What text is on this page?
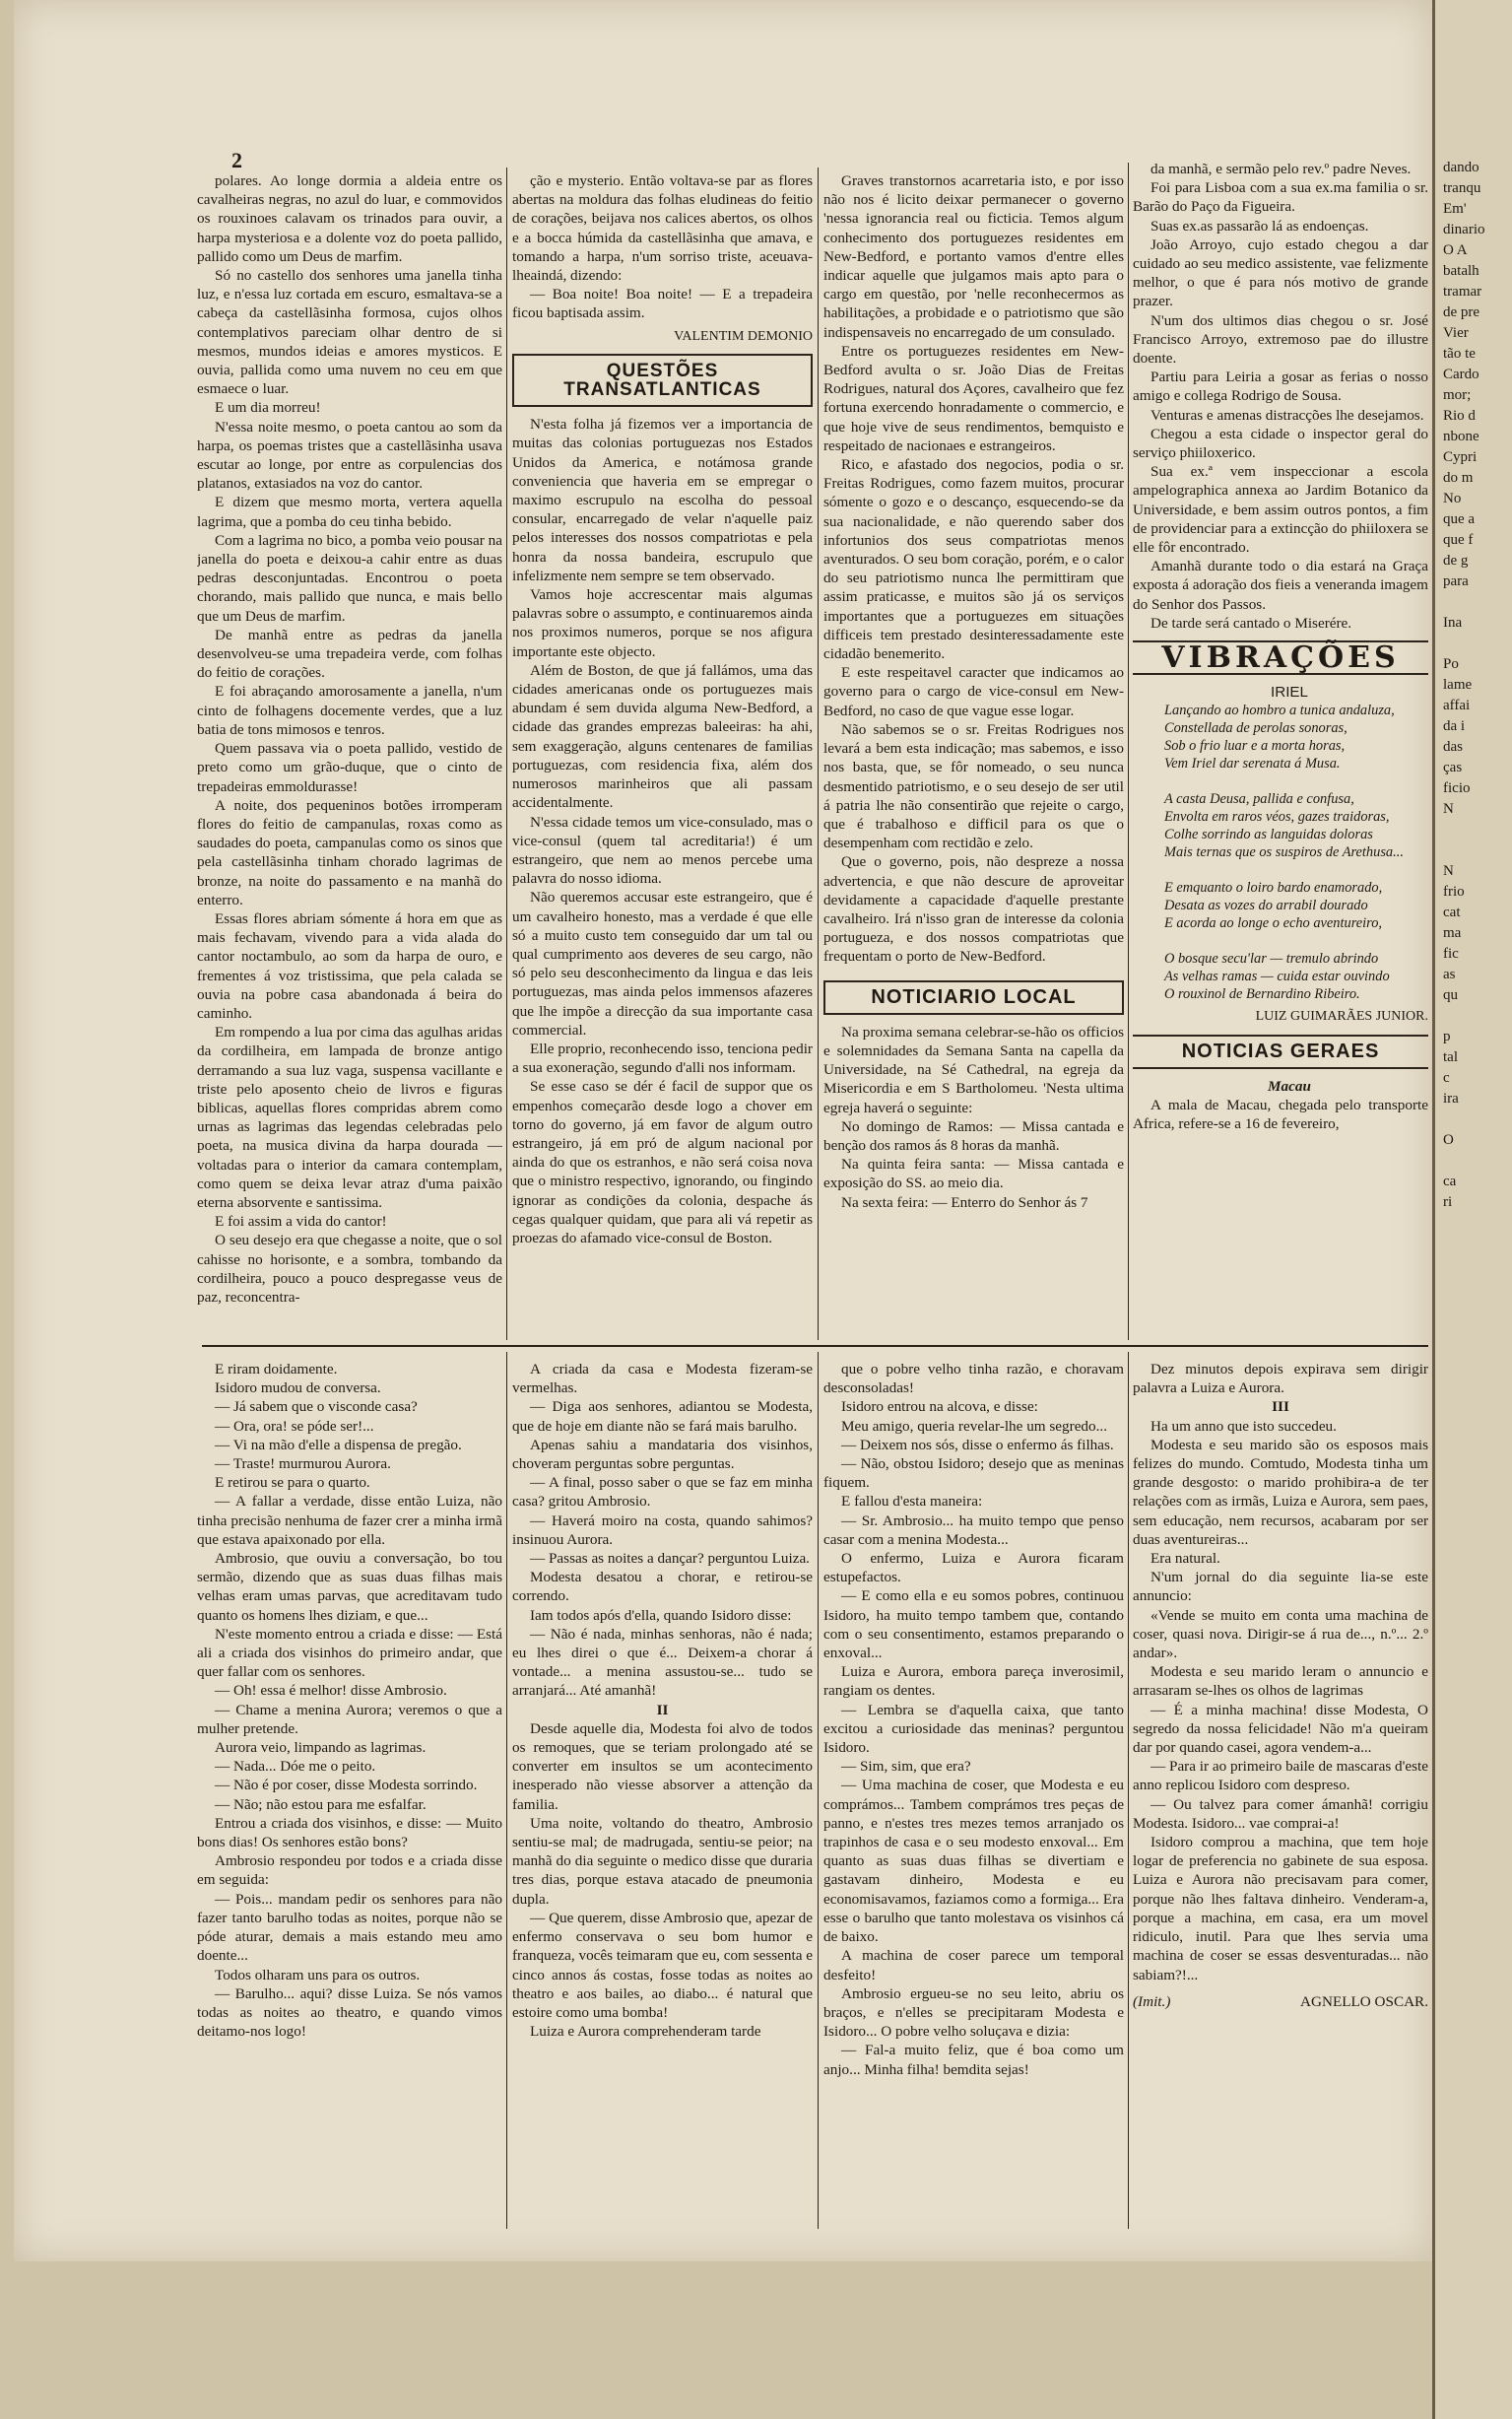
dando
tranqu
Em'
dinario
O A
batalh
tramar
de pre
Vier
tão te
Cardo
mor;
Rio d
nbone
Cypri
do m
No
que a
que f
de g
para

Ina

Po
lame
affai
da i
das
ças
ficio
N

N
frio
cat
ma
fic
as
qu

p
tal
c
ira

O

ca
ri
2

polares. Ao longe dormia a aldeia entre os cavalheiras negras, no azul do luar, e commovidos os rouxinoes calavam os trinados para ouvir, a harpa mysteriosa e a dolente voz do poeta pallido, pallido como um Deus de marfim.

Só no castello dos senhores uma janella tinha luz, e n'essa luz cortada em escuro, esmaltava-se a cabeça da castellãsinha formosa, cujos olhos contemplativos pareciam olhar dentro de si mesmos, mundos ideias e amores mysticos. E ouvia, pallida como uma nuvem no ceu em que esmaece o luar.

E um dia morreu!

N'essa noite mesmo, o poeta cantou ao som da harpa, os poemas tristes que a castellãsinha usava escutar ao longe, por entre as corpulencias dos platanos, extasiados na voz do cantor.

E dizem que mesmo morta, vertera aquella lagrima, que a pomba do ceu tinha bebido.

Com a lagrima no bico, a pomba veio pousar na janella do poeta e deixou-a cahir entre as duas pedras desconjuntadas. Encontrou o poeta chorando, mais pallido que nunca, e mais bello que um Deus de marfim.

De manhã entre as pedras da janella desenvolveu-se uma trepadeira verde, com folhas do feitio de corações.

E foi abraçando amorosamente a janella, n'um cinto de folhagens docemente verdes, que a luz batia de tons mimosos e tenros.

Quem passava via o poeta pallido, vestido de preto como um grão-duque, que o cinto de trepadeiras emmoldurasse!

A noite, dos pequeninos botões irromperam flores do feitio de campanulas, roxas como as saudades do poeta, campanulas como os sinos que pela castellãsinha tinham chorado lagrimas de bronze, na noite do passamento e na manhã do enterro.

Essas flores abriam sómente á hora em que as mais fechavam, vivendo para a vida alada do cantor noctambulo, ao som da harpa de ouro, e frementes á voz tristissima, que pela calada se ouvia na pobre casa abandonada á beira do caminho.

Em rompendo a lua por cima das agulhas aridas da cordilheira, em lampada de bronze antigo derramando a sua luz vaga, suspensa vacillante e triste pelo aposento cheio de livros e figuras biblicas, aquellas flores compridas abrem como urnas as lagrimas das legendas celebradas pelo poeta, na musica divina da harpa dourada — voltadas para o interior da camara contemplam, como quem se deixa levar atraz d'uma paixão eterna absorvente e santissima.

E foi assim a vida do cantor!

O seu desejo era que chegasse a noite, que o sol cahisse no horisonte, e a sombra, tombando da cordilheira, pouco a pouco despregasse veus de paz, reconcentra-

ção e mysterio. Então voltava-se par as flores abertas na moldura das folhas eludineas do feitio de corações, beijava nos calices abertos, os olhos e a bocca húmida da castellãsinha que amava, e tomando a harpa, n'um sorriso triste, aceuava-lheaindá, dizendo:

— Boa noite! Boa noite! — E a trepadeira ficou baptisada assim.

VALENTIM DEMONIO

QUESTÕES TRANSATLANTICAS

N'esta folha já fizemos ver a importancia de muitas das colonias portuguezas nos Estados Unidos da America, e notámosa grande conveniencia que haveria em se empregar o maximo escrupulo na escolha do pessoal consular, encarregado de velar n'aquelle paiz pelos interesses dos nossos compatriotas e pela honra da nossa bandeira, escrupulo que infelizmente nem sempre se tem observado.

Vamos hoje accrescentar mais algumas palavras sobre o assumpto, e continuaremos ainda nos proximos numeros, porque se nos afigura importante este objecto.

Além de Boston, de que já fallámos, uma das cidades americanas onde os portuguezes mais abundam é sem duvida alguma New-Bedford, a cidade das grandes emprezas baleeiras: ha ahi, sem exaggeração, alguns centenares de familias portuguezas, com residencia fixa, além dos numerosos marinheiros que ali passam accidentalmente.

N'essa cidade temos um vice-consulado, mas o vice-consul (quem tal acreditaria!) é um estrangeiro, que nem ao menos percebe uma palavra do nosso idioma.

Não queremos accusar este estrangeiro, que é um cavalheiro honesto, mas a verdade é que elle só a muito custo tem conseguido dar um tal ou qual cumprimento aos deveres de seu cargo, não só pelo seu desconhecimento da lingua e das leis portuguezas, mas ainda pelos immensos afazeres que lhe impõe a direcção da sua importante casa commercial.

Elle proprio, reconhecendo isso, tenciona pedir a sua exoneração, segundo d'alli nos informam.

Se esse caso se dér é facil de suppor que os empenhos começarão desde logo a chover em torno do governo, já em favor de algum outro estrangeiro, já em pró de algum nacional por ainda do que os estranhos, e não será coisa nova que o ministro respectivo, ignorando, ou fingindo ignorar as condições da colonia, despache ás cegas qualquer quidam, que para ali vá repetir as proezas do afamado vice-consul de Boston.

Graves transtornos acarretaria isto, e por isso não nos é licito deixar permanecer o governo 'nessa ignorancia real ou ficticia. Temos algum conhecimento dos portuguezes residentes em New-Bedford, e portanto vamos d'entre elles indicar aquelle que julgamos mais apto para o cargo em questão, por 'nelle reconhecermos as habilitações, a probidade e o patriotismo que são indispensaveis no encarregado de um consulado.

Entre os portuguezes residentes em New-Bedford avulta o sr. João Dias de Freitas Rodrigues, natural dos Açores, cavalheiro que fez fortuna exercendo honradamente o commercio, e que hoje vive de seus rendimentos, bemquisto e respeitado de nacionaes e estrangeiros.

Rico, e afastado dos negocios, podia o sr. Freitas Rodrigues, como fazem muitos, procurar sómente o gozo e o descanço, esquecendo-se da sua nacionalidade, e não querendo saber dos infortunios dos seus compatriotas menos aventurados. O seu bom coração, porém, e o calor do seu patriotismo nunca lhe permittiram que assim praticasse, e muitos são já os serviços importantes que a portuguezes em situações difficeis tem prestado desinteressadamente este cidadão benemerito.

E este respeitavel caracter que indicamos ao governo para o cargo de vice-consul em New-Bedford, no caso de que vague esse logar.

Não sabemos se o sr. Freitas Rodrigues nos levará a bem esta indicação; mas sabemos, e isso nos basta, que, se fôr nomeado, o seu nunca desmentido patriotismo, e o seu desejo de ser util á patria lhe não consentirão que rejeite o cargo, que é trabalhoso e difficil para os que o desempenham com rectidão e zelo.

Que o governo, pois, não despreze a nossa advertencia, e que não descure de aproveitar devidamente a capacidade d'aquelle prestante cavalheiro. Irá n'isso gran de interesse da colonia portugueza, e dos nossos compatriotas que frequentam o porto de New-Bedford.

NOTICIARIO LOCAL

Na proxima semana celebrar-se-hão os officios e solemnidades da Semana Santa na capella da Universidade, na Sé Cathedral, na egreja da Misericordia e em S Bartholomeu. 'Nesta ultima egreja haverá o seguinte:

No domingo de Ramos: — Missa cantada e benção dos ramos ás 8 horas da manhã.

Na quinta feira santa: — Missa cantada e exposição do SS. ao meio dia.

Na sexta feira: — Enterro do Senhor ás 7

da manhã, e sermão pelo rev.º padre Neves.

Foi para Lisboa com a sua ex.ma familia o sr. Barão do Paço da Figueira.

Suas ex.as passarão lá as endoenças.

João Arroyo, cujo estado chegou a dar cuidado ao seu medico assistente, vae felizmente melhor, o que é para nós motivo de grande prazer.

N'um dos ultimos dias chegou o sr. José Francisco Arroyo, extremoso pae do illustre doente.

Partiu para Leiria a gosar as ferias o nosso amigo e collega Rodrigo de Sousa.

Venturas e amenas distracções lhe desejamos.

Chegou a esta cidade o inspector geral do serviço phiiloxerico.

Sua ex.ª vem inspeccionar a escola ampelographica annexa ao Jardim Botanico da Universidade, e bem assim outros pontos, a fim de providenciar para a extincção do phiiloxera se elle fôr encontrado.

Amanhã durante todo o dia estará na Graça exposta á adoração dos fieis a veneranda imagem do Senhor dos Passos.

De tarde será cantado o Miserére.

VIBRAÇÕES

IRIEL

Lançando ao hombro a tunica andaluza,

Constellada de perolas sonoras,

Sob o frio luar e a morta horas,

Vem Iriel dar serenata á Musa.

A casta Deusa, pallida e confusa,

Envolta em raros véos, gazes traidoras,

Colhe sorrindo as languidas doloras

Mais ternas que os suspiros de Arethusa...

E emquanto o loiro bardo enamorado,

Desata as vozes do arrabil dourado

E acorda ao longe o echo aventureiro,

O bosque secu'lar — tremulo abrindo

As velhas ramas — cuida estar ouvindo

O rouxinol de Bernardino Ribeiro.

LUIZ GUIMARÃES JUNIOR.

NOTICIAS GERAES

Macau

A mala de Macau, chegada pelo transporte Africa, refere-se a 16 de fevereiro,

E riram doidamente.

Isidoro mudou de conversa.

— Já sabem que o visconde casa?

— Ora, ora! se póde ser!...

— Vi na mão d'elle a dispensa de pregão.

— Traste! murmurou Aurora.

E retirou se para o quarto.

— A fallar a verdade, disse então Luiza, não tinha precisão nenhuma de fazer crer a minha irmã que estava apaixonado por ella.

Ambrosio, que ouviu a conversação, bo tou sermão, dizendo que as suas duas filhas mais velhas eram umas parvas, que acreditavam tudo quanto os homens lhes diziam, e que...

N'este momento entrou a criada e disse: — Está ali a criada dos visinhos do primeiro andar, que quer fallar com os senhores.

— Oh! essa é melhor! disse Ambrosio.

— Chame a menina Aurora; veremos o que a mulher pretende.

Aurora veio, limpando as lagrimas.

— Nada... Dóe me o peito.

— Não é por coser, disse Modesta sorrindo.

— Não; não estou para me esfalfar.

Entrou a criada dos visinhos, e disse: — Muito bons dias! Os senhores estão bons?

Ambrosio respondeu por todos e a criada disse em seguida:

— Pois... mandam pedir os senhores para não fazer tanto barulho todas as noites, porque não se póde aturar, demais a mais estando meu amo doente...

Todos olharam uns para os outros.

— Barulho... aqui? disse Luiza. Se nós vamos todas as noites ao theatro, e quando vimos deitamo-nos logo!

A criada da casa e Modesta fizeram-se vermelhas.

— Diga aos senhores, adiantou se Modesta, que de hoje em diante não se fará mais barulho.

Apenas sahiu a mandataria dos visinhos, choveram perguntas sobre perguntas.

— A final, posso saber o que se faz em minha casa? gritou Ambrosio.

— Haverá moiro na costa, quando sahimos? insinuou Aurora.

— Passas as noites a dançar? perguntou Luiza.

Modesta desatou a chorar, e retirou-se correndo.

Iam todos após d'ella, quando Isidoro disse:

— Não é nada, minhas senhoras, não é nada; eu lhes direi o que é... Deixem-a chorar á vontade... a menina assustou-se... tudo se arranjará... Até amanhã!

II

Desde aquelle dia, Modesta foi alvo de todos os remoques, que se teriam prolongado até se converter em insultos se um acontecimento inesperado não viesse absorver a attenção da familia.

Uma noite, voltando do theatro, Ambrosio sentiu-se mal; de madrugada, sentiu-se peior; na manhã do dia seguinte o medico disse que duraria tres dias, porque estava atacado de pneumonia dupla.

— Que querem, disse Ambrosio que, apezar de enfermo conservava o seu bom humor e franqueza, vocês teimaram que eu, com sessenta e cinco annos ás costas, fosse todas as noites ao theatro e aos bailes, ao diabo... é natural que estoire como uma bomba!

Luiza e Aurora comprehenderam tarde

que o pobre velho tinha razão, e choravam desconsoladas!

Isidoro entrou na alcova, e disse:

Meu amigo, queria revelar-lhe um segredo...

— Deixem nos sós, disse o enfermo ás filhas.

— Não, obstou Isidoro; desejo que as meninas fiquem.

E fallou d'esta maneira:

— Sr. Ambrosio... ha muito tempo que penso casar com a menina Modesta...

O enfermo, Luiza e Aurora ficaram estupefactos.

— E como ella e eu somos pobres, continuou Isidoro, ha muito tempo tambem que, contando com o seu consentimento, estamos preparando o enxoval...

Luiza e Aurora, embora pareça inverosimil, rangiam os dentes.

— Lembra se d'aquella caixa, que tanto excitou a curiosidade das meninas? perguntou Isidoro.

— Sim, sim, que era?

— Uma machina de coser, que Modesta e eu comprámos... Tambem comprámos tres peças de panno, e n'estes tres mezes temos arranjado os trapinhos de casa e o seu modesto enxoval... Em quanto as suas duas filhas se divertiam e gastavam dinheiro, Modesta e eu economisavamos, faziamos como a formiga... Era esse o barulho que tanto molestava os visinhos cá de baixo.

A machina de coser parece um temporal desfeito!

Ambrosio ergueu-se no seu leito, abriu os braços, e n'elles se precipitaram Modesta e Isidoro... O pobre velho soluçava e dizia:

— Fal-a muito feliz, que é boa como um anjo... Minha filha! bemdita sejas!

Dez minutos depois expirava sem dirigir palavra a Luiza e Aurora.

III

Ha um anno que isto succedeu.

Modesta e seu marido são os esposos mais felizes do mundo. Comtudo, Modesta tinha um grande desgosto: o marido prohibira-a de ter relações com as irmãs, Luiza e Aurora, sem paes, sem educação, nem recursos, acabaram por ser duas aventureiras...

Era natural.

N'um jornal do dia seguinte lia-se este annuncio:

«Vende se muito em conta uma machina de coser, quasi nova. Dirigir-se á rua de..., n.º... 2.º andar».

Modesta e seu marido leram o annuncio e arrasaram se-lhes os olhos de lagrimas

— É a minha machina! disse Modesta, O segredo da nossa felicidade! Não m'a queiram dar por quando casei, agora vendem-a...

— Para ir ao primeiro baile de mascaras d'este anno replicou Isidoro com despreso.

— Ou talvez para comer ámanhã! corrigiu Modesta. Isidoro... vae comprai-a!

Isidoro comprou a machina, que tem hoje logar de preferencia no gabinete de sua esposa. Luiza e Aurora não precisavam para comer, porque não lhes faltava dinheiro. Venderam-a, porque a machina, em casa, era um movel ridiculo, inutil. Para que lhes servia uma machina de coser se essas desventuradas... não sabiam?!...

(Imit.)	AGNELLO OSCAR.
